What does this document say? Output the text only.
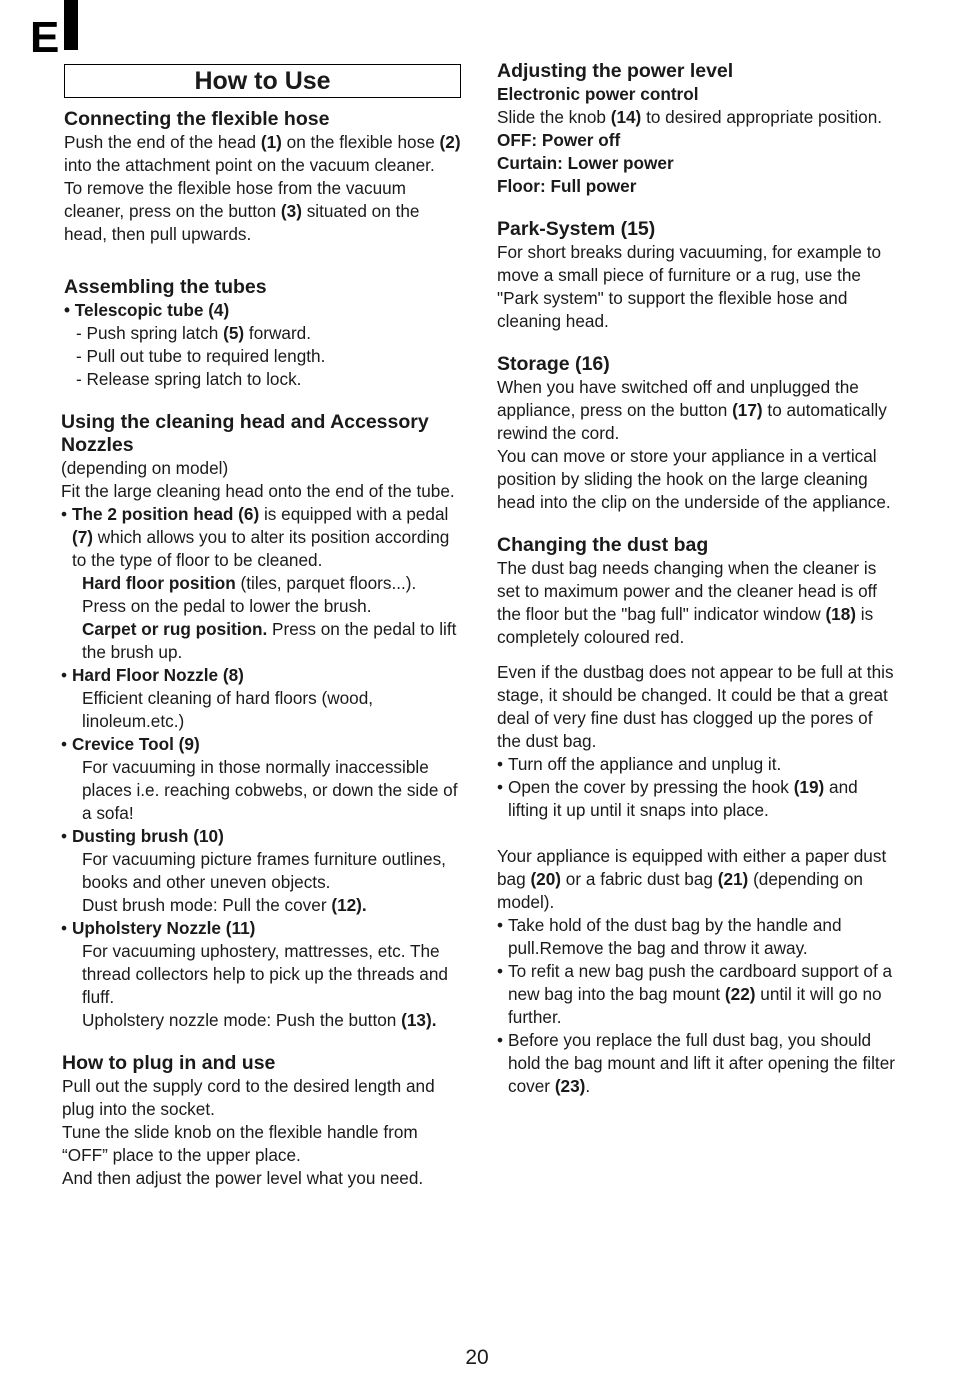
E
How to Use
Connecting the flexible hose

Push the end of the head (1) on the flexible hose (2) into the attachment point on the vacuum cleaner.

To remove the flexible hose from the vacuum cleaner, press on the button (3) situated on the head, then pull upwards.

Assembling the tubes
• Telescopic tube (4)

- Push spring latch (5) forward.

- Pull out tube to required length.

- Release spring latch to lock.

Using the cleaning head and Accessory Nozzles

(depending on model)

Fit the large cleaning head onto the end of the tube.

• The 2 position head (6) is equipped with a pedal (7) which allows you to alter its position according to the type of floor to be cleaned.

Hard floor position (tiles, parquet floors...). Press on the pedal to lower the brush.

Carpet or rug position. Press on the pedal to lift the brush up.

• Hard Floor Nozzle (8)

Efficient cleaning of hard floors (wood, linoleum.etc.)

• Crevice Tool (9)

For vacuuming in those normally inaccessible places i.e. reaching cobwebs, or down the side of a sofa!

• Dusting brush (10)

For vacuuming picture frames furniture outlines, books and other uneven objects.

Dust brush mode: Pull the cover (12).

• Upholstery Nozzle (11)

For vacuuming uphostery, mattresses, etc. The thread collectors help to pick up the threads and fluff.

Upholstery nozzle mode: Push the button (13).

How to plug in and use

Pull out the supply cord to the desired length and plug into the socket.

Tune the slide knob on the flexible handle from “OFF” place to the upper place.

And then adjust the power level what you need.

Adjusting the power level
Electronic power control

Slide the knob (14) to desired appropriate position.

OFF: Power off
Curtain: Lower power
Floor: Full power
Park-System (15)

For short breaks during vacuuming, for example to move a small piece of furniture or a rug, use the "Park system" to support the flexible hose and cleaning head.

Storage (16)

When you have switched off and unplugged the appliance, press on the button (17) to automatically rewind the cord.

You can move or store your appliance in a vertical position by sliding the hook on the large cleaning head into the clip on the underside of the appliance.

Changing the dust bag

The dust bag needs changing when the cleaner is set to maximum power and the cleaner head is off the floor but the "bag full" indicator window (18) is completely coloured red.

Even if the dustbag does not appear to be full at this stage, it should be changed. It could be that a great deal of very fine dust has clogged up the pores of the dust bag.

• Turn off the appliance and unplug it.
• Open the cover by pressing the hook (19) and lifting it up until it snaps into place.

Your appliance is equipped with either a paper dust bag (20) or a fabric dust bag (21) (depending on model).

• Take hold of the dust bag by the handle and pull.Remove the bag and throw it away.
• To refit a new bag push the cardboard support of a new bag into the bag mount (22) until it will go no further.
• Before you replace the full dust bag, you should hold the bag mount and lift it after opening the filter cover (23).
20
